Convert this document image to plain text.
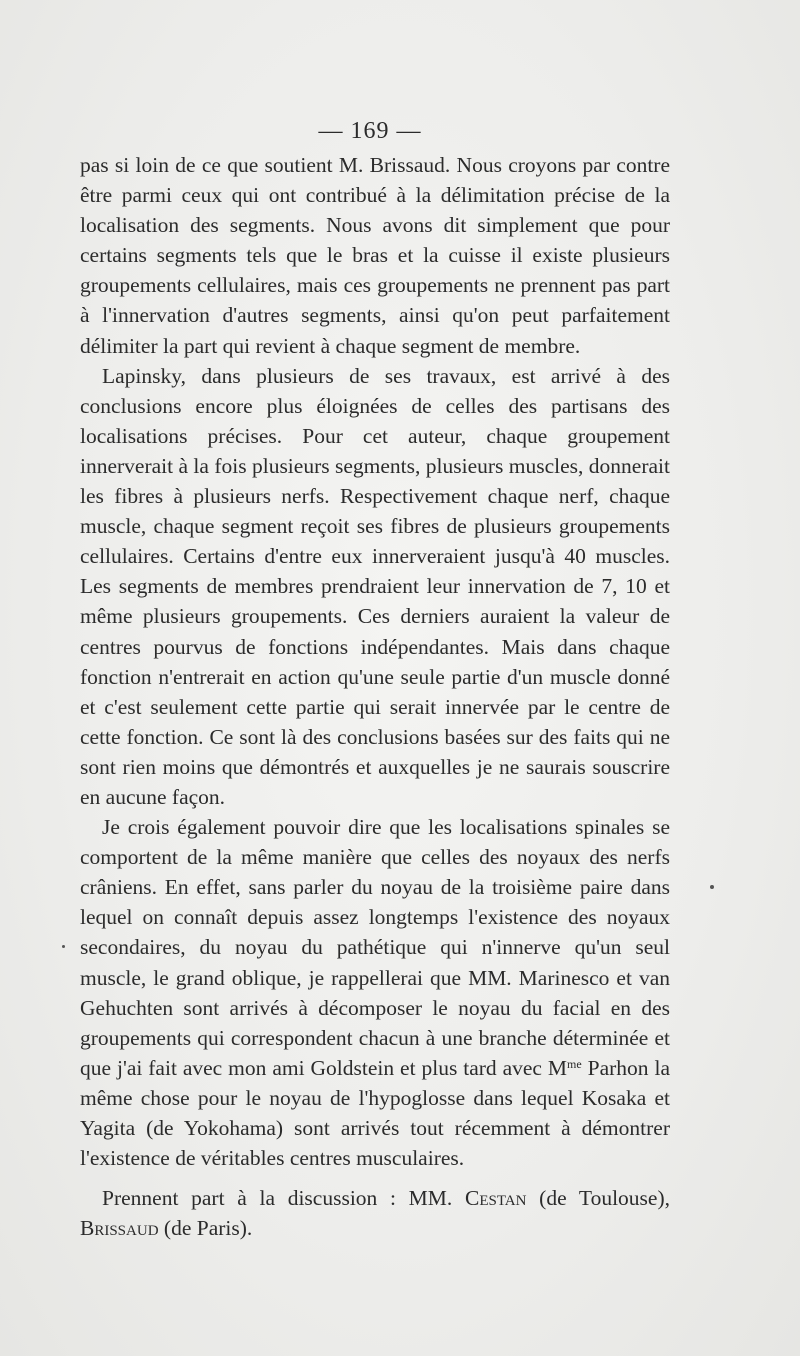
— 169 —

pas si loin de ce que soutient M. Brissaud. Nous croyons par contre être parmi ceux qui ont contribué à la délimitation précise de la localisation des segments. Nous avons dit simplement que pour certains segments tels que le bras et la cuisse il existe plusieurs groupements cellulaires, mais ces groupements ne prennent pas part à l'innervation d'autres segments, ainsi qu'on peut parfaitement délimiter la part qui revient à chaque segment de membre.

Lapinsky, dans plusieurs de ses travaux, est arrivé à des conclusions encore plus éloignées de celles des partisans des localisations précises. Pour cet auteur, chaque groupement innerverait à la fois plusieurs segments, plusieurs muscles, donnerait les fibres à plusieurs nerfs. Respectivement chaque nerf, chaque muscle, chaque segment reçoit ses fibres de plusieurs groupements cellulaires. Certains d'entre eux innerveraient jusqu'à 40 muscles. Les segments de membres prendraient leur innervation de 7, 10 et même plusieurs groupements. Ces derniers auraient la valeur de centres pourvus de fonctions indépendantes. Mais dans chaque fonction n'entrerait en action qu'une seule partie d'un muscle donné et c'est seulement cette partie qui serait innervée par le centre de cette fonction. Ce sont là des conclusions basées sur des faits qui ne sont rien moins que démontrés et auxquelles je ne saurais souscrire en aucune façon.

Je crois également pouvoir dire que les localisations spinales se comportent de la même manière que celles des noyaux des nerfs crâniens. En effet, sans parler du noyau de la troisième paire dans lequel on connaît depuis assez longtemps l'existence des noyaux secondaires, du noyau du pathétique qui n'innerve qu'un seul muscle, le grand oblique, je rappellerai que MM. Marinesco et van Gehuchten sont arrivés à décomposer le noyau du facial en des groupements qui correspondent chacun à une branche déterminée et que j'ai fait avec mon ami Goldstein et plus tard avec $M^{me}$ Parhon la même chose pour le noyau de l'hypoglosse dans lequel Kosaka et Yagita (de Yokohama) sont arrivés tout récemment à démontrer l'existence de véritables centres musculaires.

Prennent part à la discussion : MM. Cestan (de Toulouse), Brissaud (de Paris).
